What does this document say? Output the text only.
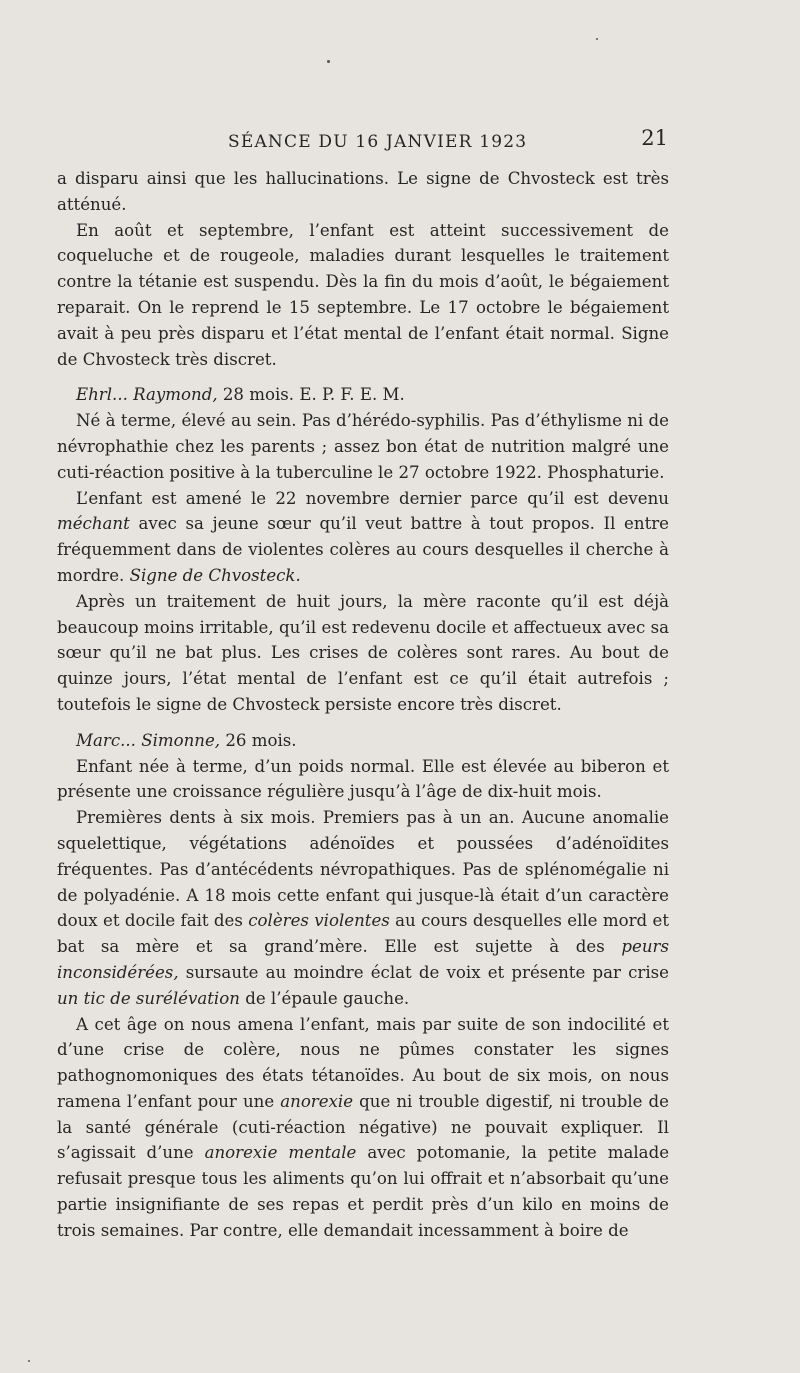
SÉANCE DU 16 JANVIER 1923	21

a disparu ainsi que les hallucinations. Le signe de Chvosteck est très atténué.

En août et septembre, l’enfant est atteint successivement de coqueluche et de rougeole, maladies durant lesquelles le traitement contre la tétanie est suspendu. Dès la fin du mois d’août, le bégaiement reparait. On le reprend le 15 septembre. Le 17 octobre le bégaiement avait à peu près disparu et l’état mental de l’enfant était normal. Signe de Chvosteck très discret.

Ehrl... Raymond, 28 mois. E. P. F. E. M.

Né à terme, élevé au sein. Pas d’hérédo-syphilis. Pas d’éthylisme ni de névrophathie chez les parents ; assez bon état de nutrition malgré une cuti-réaction positive à la tuberculine le 27 octobre 1922. Phosphaturie.

L’enfant est amené le 22 novembre dernier parce qu’il est devenu méchant avec sa jeune sœur qu’il veut battre à tout propos. Il entre fréquemment dans de violentes colères au cours desquelles il cherche à mordre. Signe de Chvosteck.

Après un traitement de huit jours, la mère raconte qu’il est déjà beaucoup moins irritable, qu’il est redevenu docile et affectueux avec sa sœur qu’il ne bat plus. Les crises de colères sont rares. Au bout de quinze jours, l’état mental de l’enfant est ce qu’il était autrefois ; toutefois le signe de Chvosteck persiste encore très discret.

Marc... Simonne, 26 mois.

Enfant née à terme, d’un poids normal. Elle est élevée au biberon et présente une croissance régulière jusqu’à l’âge de dix-huit mois.

Premières dents à six mois. Premiers pas à un an. Aucune anomalie squelettique, végétations adénoïdes et poussées d’adénoïdites fréquentes. Pas d’antécédents névropathiques. Pas de splénomégalie ni de polyadénie. A 18 mois cette enfant qui jusque-là était d’un caractère doux et docile fait des colères violentes au cours desquelles elle mord et bat sa mère et sa grand’mère. Elle est sujette à des peurs inconsidérées, sursaute au moindre éclat de voix et présente par crise un tic de surélévation de l’épaule gauche.

A cet âge on nous amena l’enfant, mais par suite de son indocilité et d’une crise de colère, nous ne pûmes constater les signes pathognomoniques des états tétanoïdes. Au bout de six mois, on nous ramena l’enfant pour une anorexie que ni trouble digestif, ni trouble de la santé générale (cuti-réaction négative) ne pouvait expliquer. Il s’agissait d’une anorexie mentale avec potomanie, la petite malade refusait presque tous les aliments qu’on lui offrait et n’absorbait qu’une partie insignifiante de ses repas et perdit près d’un kilo en moins de trois semaines. Par contre, elle demandait incessamment à boire de
